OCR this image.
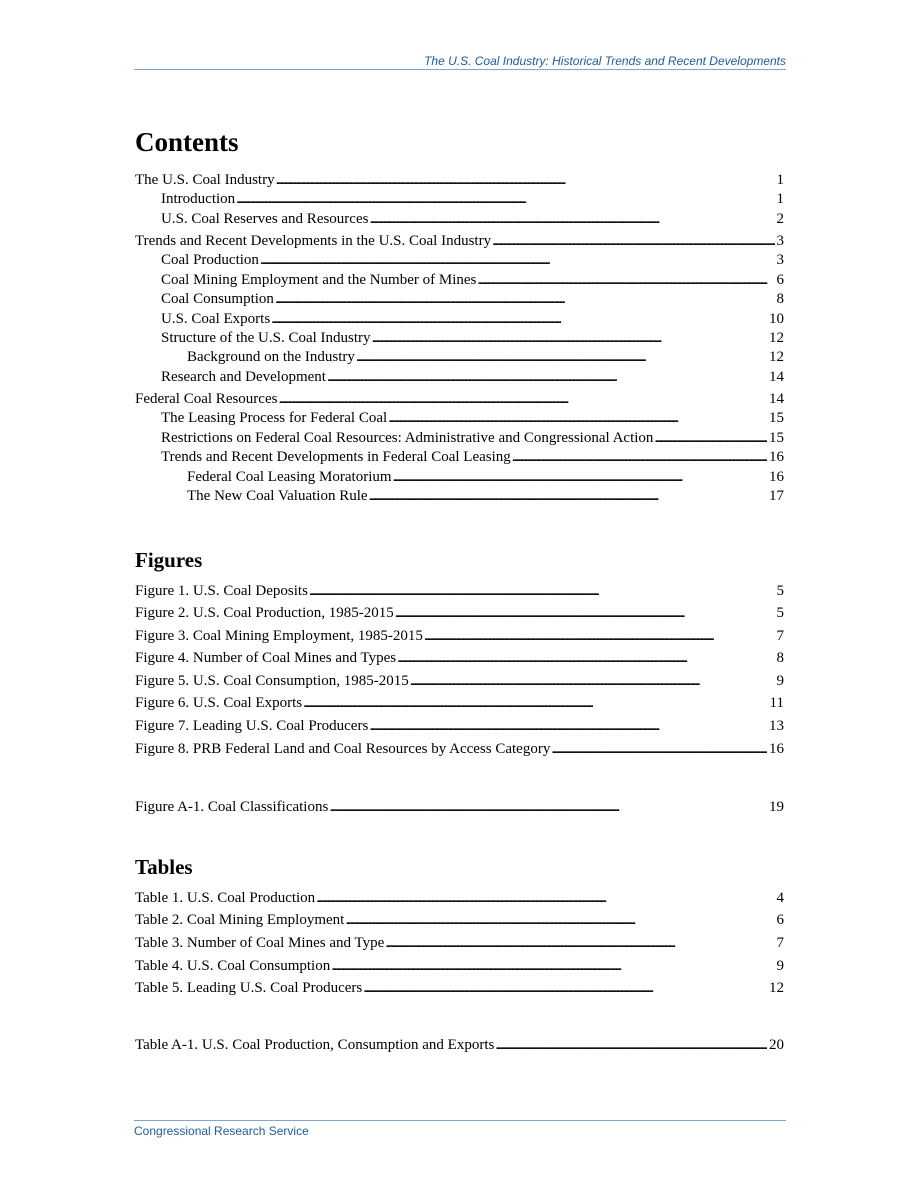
The U.S. Coal Industry: Historical Trends and Recent Developments
Contents
The U.S. Coal Industry . . .	1
Introduction . . .	1
U.S. Coal Reserves and Resources . . .	2
Trends and Recent Developments in the U.S. Coal Industry . . .	3
Coal Production . . .	3
Coal Mining Employment and the Number of Mines . . .	6
Coal Consumption . . .	8
U.S. Coal Exports . . .	10
Structure of the U.S. Coal Industry . . .	12
Background on the Industry . . .	12
Research and Development . . .	14
Federal Coal Resources . . .	14
The Leasing Process for Federal Coal . . .	15
Restrictions on Federal Coal Resources: Administrative and Congressional Action . . .	15
Trends and Recent Developments in Federal Coal Leasing . . .	16
Federal Coal Leasing Moratorium . . .	16
The New Coal Valuation Rule . . .	17
Figures
Figure 1. U.S. Coal Deposits . . .	5
Figure 2. U.S. Coal Production, 1985-2015 . . .	5
Figure 3. Coal Mining Employment, 1985-2015 . . .	7
Figure 4. Number of Coal Mines and Types . . .	8
Figure 5. U.S. Coal Consumption, 1985-2015 . . .	9
Figure 6. U.S. Coal Exports . . .	11
Figure 7. Leading U.S. Coal Producers . . .	13
Figure 8. PRB Federal Land and Coal Resources by Access Category . . .	16
Figure A-1. Coal Classifications . . .	19
Tables
Table 1. U.S. Coal Production . . .	4
Table 2. Coal Mining Employment . . .	6
Table 3. Number of Coal Mines and Type . . .	7
Table 4. U.S. Coal Consumption . . .	9
Table 5. Leading U.S. Coal Producers . . .	12
Table A-1. U.S. Coal Production, Consumption and Exports . . .	20
Congressional Research Service
